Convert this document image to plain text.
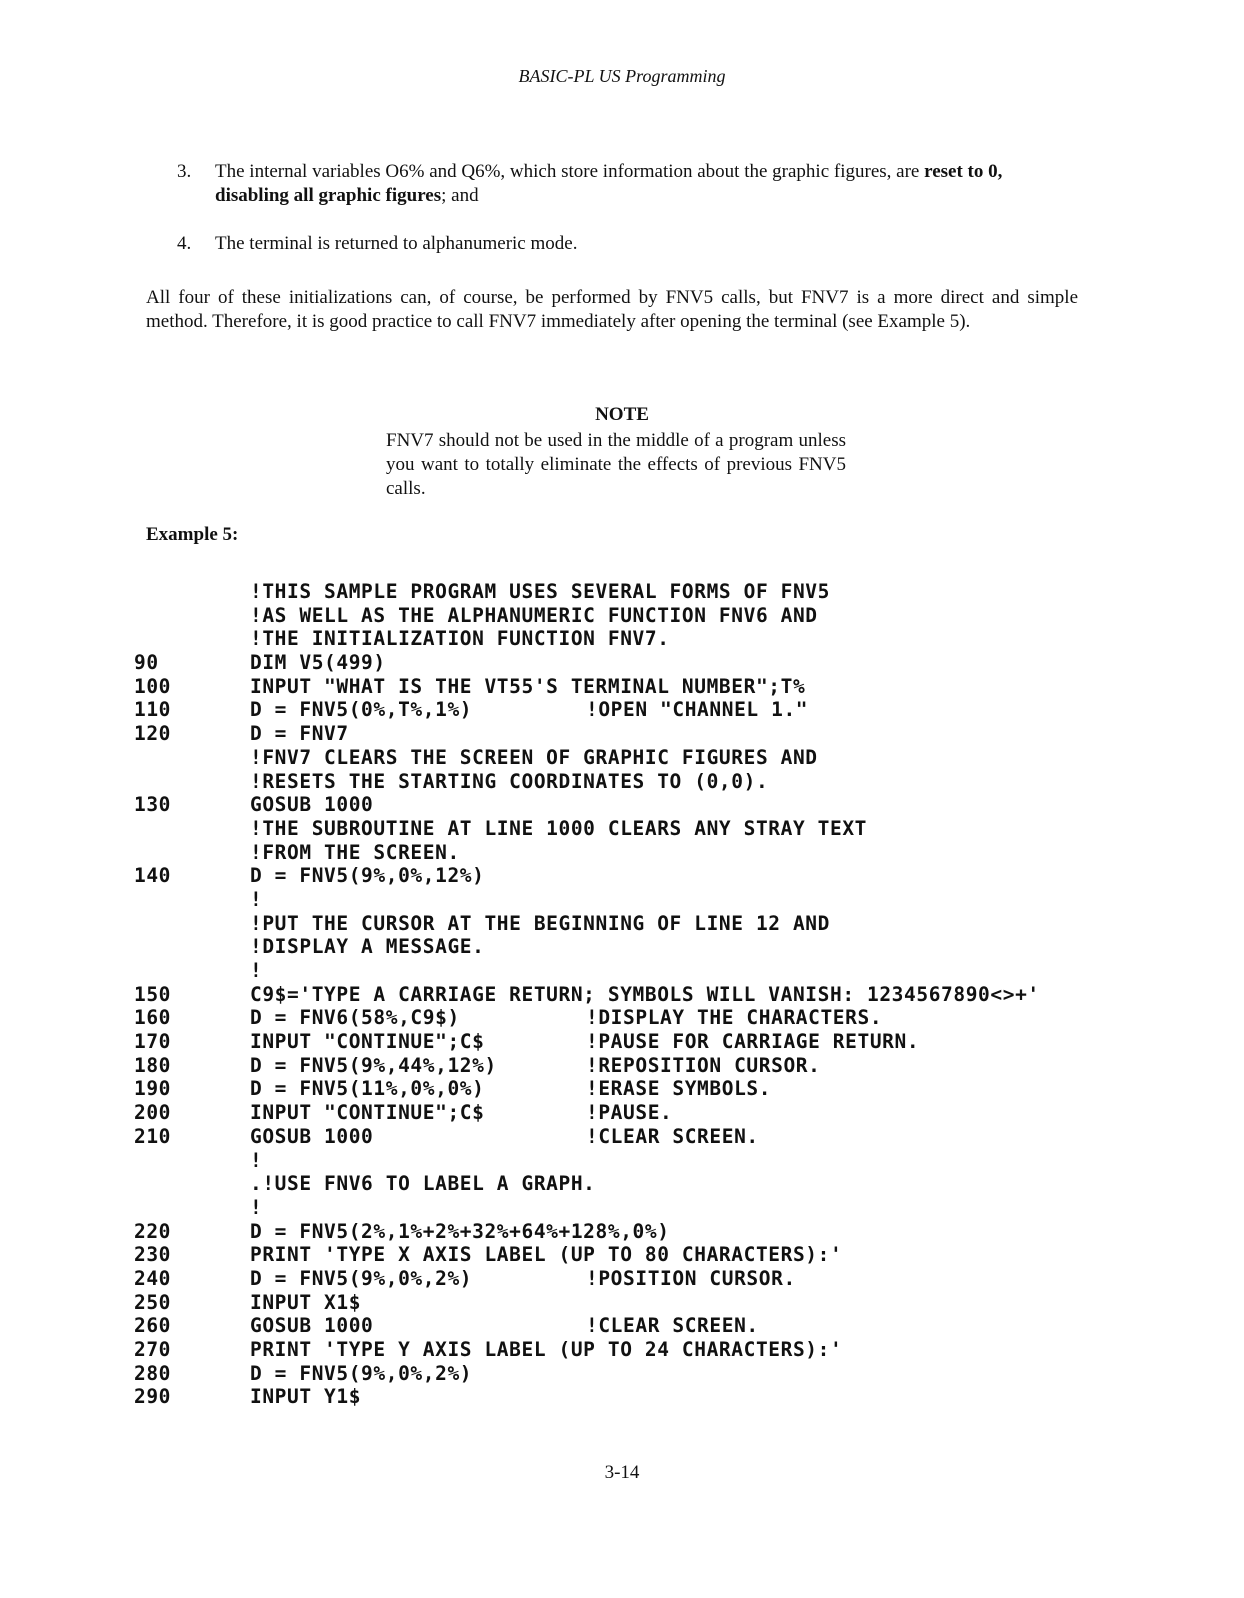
BASIC-PL US Programming
3. The internal variables O6% and Q6%, which store information about the graphic figures, are reset to 0, disabling all graphic figures; and
4. The terminal is returned to alphanumeric mode.
All four of these initializations can, of course, be performed by FNV5 calls, but FNV7 is a more direct and simple method. Therefore, it is good practice to call FNV7 immediately after opening the terminal (see Example 5).
NOTE
FNV7 should not be used in the middle of a program unless you want to totally eliminate the effects of previous FNV5 calls.
Example 5:
!THIS SAMPLE PROGRAM USES SEVERAL FORMS OF FNV5
!AS WELL AS THE ALPHANUMERIC FUNCTION FNV6 AND
!THE INITIALIZATION FUNCTION FNV7.
90	DIM V5(499)
100	INPUT "WHAT IS THE VT55'S TERMINAL NUMBER";T%
110	D = FNV5(0%,T%,1%)	!OPEN "CHANNEL 1."
120	D = FNV7
!FNV7 CLEARS THE SCREEN OF GRAPHIC FIGURES AND
!RESETS THE STARTING COORDINATES TO (0,0).
130	GOSUB 1000
!THE SUBROUTINE AT LINE 1000 CLEARS ANY STRAY TEXT
!FROM THE SCREEN.
140	D = FNV5(9%,0%,12%)
!
!PUT THE CURSOR AT THE BEGINNING OF LINE 12 AND
!DISPLAY A MESSAGE.
!
150	C9$='TYPE A CARRIAGE RETURN; SYMBOLS WILL VANISH: 1234567890<>+'
160	D = FNV6(58%,C9$)	!DISPLAY THE CHARACTERS.
170	INPUT "CONTINUE";C$	!PAUSE FOR CARRIAGE RETURN.
180	D = FNV5(9%,44%,12%)	!REPOSITION CURSOR.
190	D = FNV5(11%,0%,0%)	!ERASE SYMBOLS.
200	INPUT "CONTINUE";C$	!PAUSE.
210	GOSUB 1000	!CLEAR SCREEN.
!
.!USE FNV6 TO LABEL A GRAPH.
!
220	D = FNV5(2%,1%+2%+32%+64%+128%,0%)
230	PRINT 'TYPE X AXIS LABEL (UP TO 80 CHARACTERS):'
240	D = FNV5(9%,0%,2%)	!POSITION CURSOR.
250	INPUT X1$
260	GOSUB 1000	!CLEAR SCREEN.
270	PRINT 'TYPE Y AXIS LABEL (UP TO 24 CHARACTERS):'
280	D = FNV5(9%,0%,2%)
290	INPUT Y1$
3-14
